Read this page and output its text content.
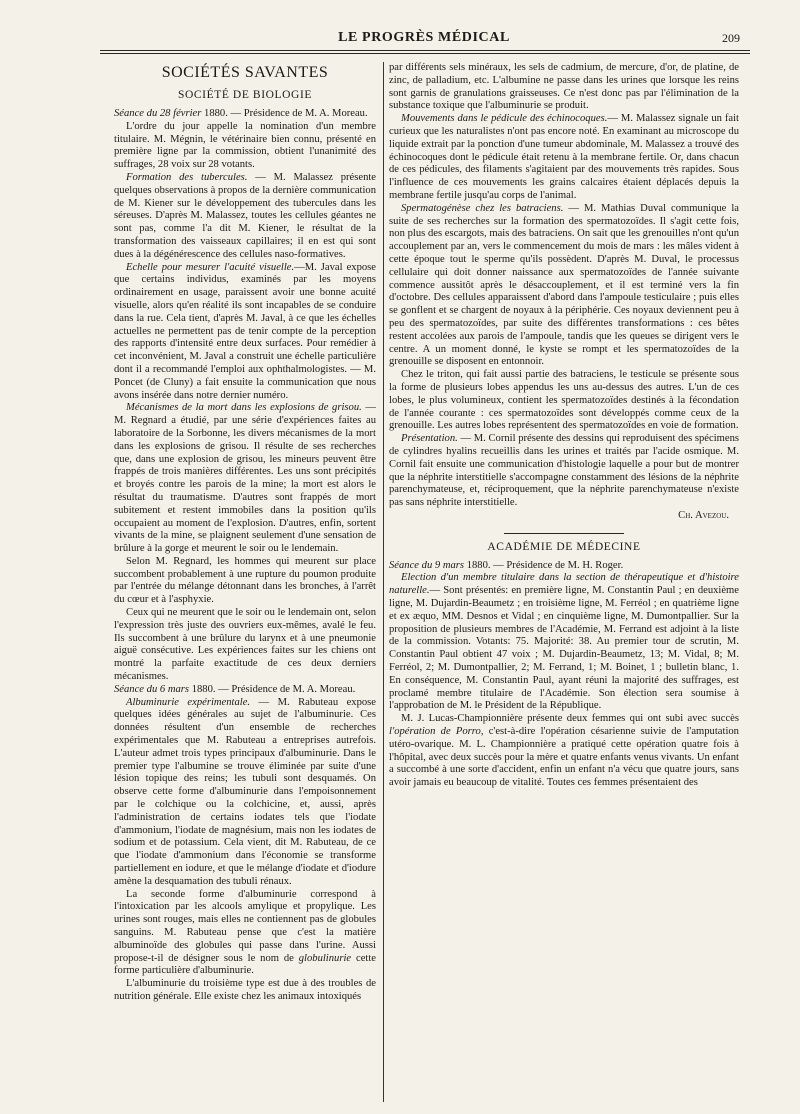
LE PROGRÈS MÉDICAL	209
SOCIÉTÉS SAVANTES
SOCIÉTÉ DE BIOLOGIE

Séance du 28 février 1880. — Présidence de M. A. Moreau.

L'ordre du jour appelle la nomination d'un membre titulaire. M. Mégnin, le vétérinaire bien connu, présenté en première ligne par la commission, obtient l'unanimité des suffrages, 28 voix sur 28 votants.

Formation des tubercules. — M. Malassez présente quelques observations à propos de la dernière communication de M. Kiener sur le développement des tubercules dans les séreuses. D'après M. Malassez, toutes les cellules géantes ne sont pas, comme l'a dit M. Kiener, le résultat de la transformation des vaisseaux capillaires; il en est qui sont dues à la dégénérescence des cellules naso-formatives.

Echelle pour mesurer l'acuité visuelle.—M. Javal expose que certains individus, examinés par les moyens ordinairement en usage, paraissent avoir une bonne acuité visuelle, alors qu'en réalité ils sont incapables de se conduire dans la rue. Cela tient, d'après M. Javal, à ce que les échelles actuelles ne permettent pas de tenir compte de la perception des rapports d'intensité entre deux surfaces. Pour remédier à cet inconvénient, M. Javal a construit une échelle particulière dont il a recommandé l'emploi aux ophthalmologistes. — M. Poncet (de Cluny) a fait ensuite la communication que nous avons insérée dans notre dernier numéro.

Mécanismes de la mort dans les explosions de grisou. — M. Regnard a étudié, par une série d'expériences faites au laboratoire de la Sorbonne, les divers mécanismes de la mort dans les explosions de grisou. Il résulte de ses recherches que, dans une explosion de grisou, les mineurs peuvent être frappés de trois manières différentes. Les uns sont précipités et broyés contre les parois de la mine; la mort est alors le résultat du traumatisme. D'autres sont frappés de mort subitement et restent immobiles dans la position qu'ils occupaient au moment de l'explosion. D'autres, enfin, sortent vivants de la mine, se plaignent seulement d'une sensation de brûlure à la gorge et meurent le soir ou le lendemain.

Selon M. Regnard, les hommes qui meurent sur place succombent probablement à une rupture du poumon produite par l'entrée du mélange détonnant dans les bronches, à l'arrêt du cœur et à l'asphyxie.

Ceux qui ne meurent que le soir ou le lendemain ont, selon l'expression très juste des ouvriers eux-mêmes, avalé le feu. Ils succombent à une brûlure du larynx et à une pneumonie aiguë consécutive. Les expériences faites sur les chiens ont montré la parfaite exactitude de ces deux derniers mécanismes.

Séance du 6 mars 1880. — Présidence de M. A. Moreau.

Albuminurie expérimentale. — M. Rabuteau expose quelques idées générales au sujet de l'albuminurie. Ces données résultent d'un ensemble de recherches expérimentales que M. Rabuteau a entreprises autrefois. L'auteur admet trois types principaux d'albuminurie. Dans le premier type l'albumine se trouve éliminée par suite d'une lésion topique des reins; les tubuli sont desquamés. On observe cette forme d'albuminurie dans l'empoisonnement par le colchique ou la colchicine, et, aussi, après l'administration de certains iodates tels que l'iodate d'ammonium, l'iodate de magnésium, mais non les iodates de sodium et de potassium. Cela vient, dit M. Rabuteau, de ce que l'iodate d'ammonium dans l'économie se transforme partiellement en iodure, et que le mélange d'iodate et d'iodure amène la desquamation des tubuli rénaux.

La seconde forme d'albuminurie correspond à l'intoxication par les alcools amylique et propylique. Les urines sont rouges, mais elles ne contiennent pas de globules sanguins. M. Rabuteau pense que c'est la matière albuminoïde des globules qui passe dans l'urine. Aussi propose-t-il de désigner sous le nom de globulinurie cette forme particulière d'albuminurie.

L'albuminurie du troisième type est due à des troubles de nutrition générale. Elle existe chez les animaux intoxiqués

par différents sels minéraux, les sels de cadmium, de mercure, d'or, de platine, de zinc, de palladium, etc. L'albumine ne passe dans les urines que lorsque les reins sont garnis de granulations graisseuses. Ce n'est donc pas par l'élimination de la substance toxique que l'albuminurie se produit.

Mouvements dans le pédicule des échinocoques.— M. Malassez signale un fait curieux que les naturalistes n'ont pas encore noté. En examinant au microscope du liquide extrait par la ponction d'une tumeur abdominale, M. Malassez a trouvé des échinocoques dont le pédicule était retenu à la membrane fertile. Or, dans chacun de ces pédicules, des filaments s'agitaient par des mouvements très rapides. Sous l'influence de ces mouvements les grains calcaires étaient déplacés depuis la membrane fertile jusqu'au corps de l'animal.

Spermatogénèse chez les batraciens. — M. Mathias Duval communique la suite de ses recherches sur la formation des spermatozoïdes. Il s'agit cette fois, non plus des escargots, mais des batraciens. On sait que les grenouilles n'ont qu'un accouplement par an, vers le commencement du mois de mars : les mâles vident à cette époque tout le sperme qu'ils possèdent. D'après M. Duval, le processus cellulaire qui doit donner naissance aux spermatozoïdes de l'année suivante commence aussitôt après le désaccouplement, et il est terminé vers la fin d'octobre. Des cellules apparaissent d'abord dans l'ampoule testiculaire ; puis elles se gonflent et se chargent de noyaux à la périphérie. Ces noyaux deviennent peu à peu des spermatozoïdes, par suite des différentes transformations : ces bêtes restent accolées aux parois de l'ampoule, tandis que les queues se dirigent vers le centre. A un moment donné, le kyste se rompt et les spermatozoïdes de la grenouille se disposent en entonnoir.

Chez le triton, qui fait aussi partie des batraciens, le testicule se présente sous la forme de plusieurs lobes appendus les uns au-dessus des autres. L'un de ces lobes, le plus volumineux, contient les spermatozoïdes destinés à la fécondation de l'année courante : ces spermatozoïdes sont développés comme ceux de la grenouille. Les autres lobes représentent des spermatozoïdes en voie de formation.

Présentation. — M. Cornil présente des dessins qui reproduisent des spécimens de cylindres hyalins recueillis dans les urines et traités par l'acide osmique. M. Cornil fait ensuite une communication d'histologie laquelle a pour but de montrer que la néphrite interstitielle s'accompagne constamment des lésions de la néphrite parenchymateuse, et, réciproquement, que la néphrite parenchymateuse n'existe pas sans néphrite interstitielle.

Ch. Avezou.

ACADÉMIE DE MÉDECINE

Séance du 9 mars 1880. — Présidence de M. H. Roger.

Election d'un membre titulaire dans la section de thérapeutique et d'histoire naturelle.— Sont présentés: en première ligne, M. Constantin Paul ; en deuxième ligne, M. Dujardin-Beaumetz ; en troisième ligne, M. Ferréol ; en quatrième ligne et ex æquo, MM. Desnos et Vidal ; en cinquième ligne, M. Dumontpallier. Sur la proposition de plusieurs membres de l'Académie, M. Ferrand est adjoint à la liste de la commission. Votants: 75. Majorité: 38. Au premier tour de scrutin, M. Constantin Paul obtient 47 voix ; M. Dujardin-Beaumetz, 13; M. Vidal, 8; M. Ferréol, 2; M. Dumontpallier, 2; M. Ferrand, 1; M. Boinet, 1 ; bulletin blanc, 1. En conséquence, M. Constantin Paul, ayant réuni la majorité des suffrages, est proclamé membre titulaire de l'Académie. Son élection sera soumise à l'approbation de M. le Président de la République.

M. J. Lucas-Championnière présente deux femmes qui ont subi avec succès l'opération de Porro, c'est-à-dire l'opération césarienne suivie de l'amputation utéro-ovarique. M. L. Championnière a pratiqué cette opération quatre fois à l'hôpital, avec deux succès pour la mère et quatre enfants venus vivants. Un enfant a succombé à une sorte d'accident, enfin un enfant n'a vécu que quatre jours, sans avoir jamais eu beaucoup de vitalité. Toutes ces femmes présentaient des
